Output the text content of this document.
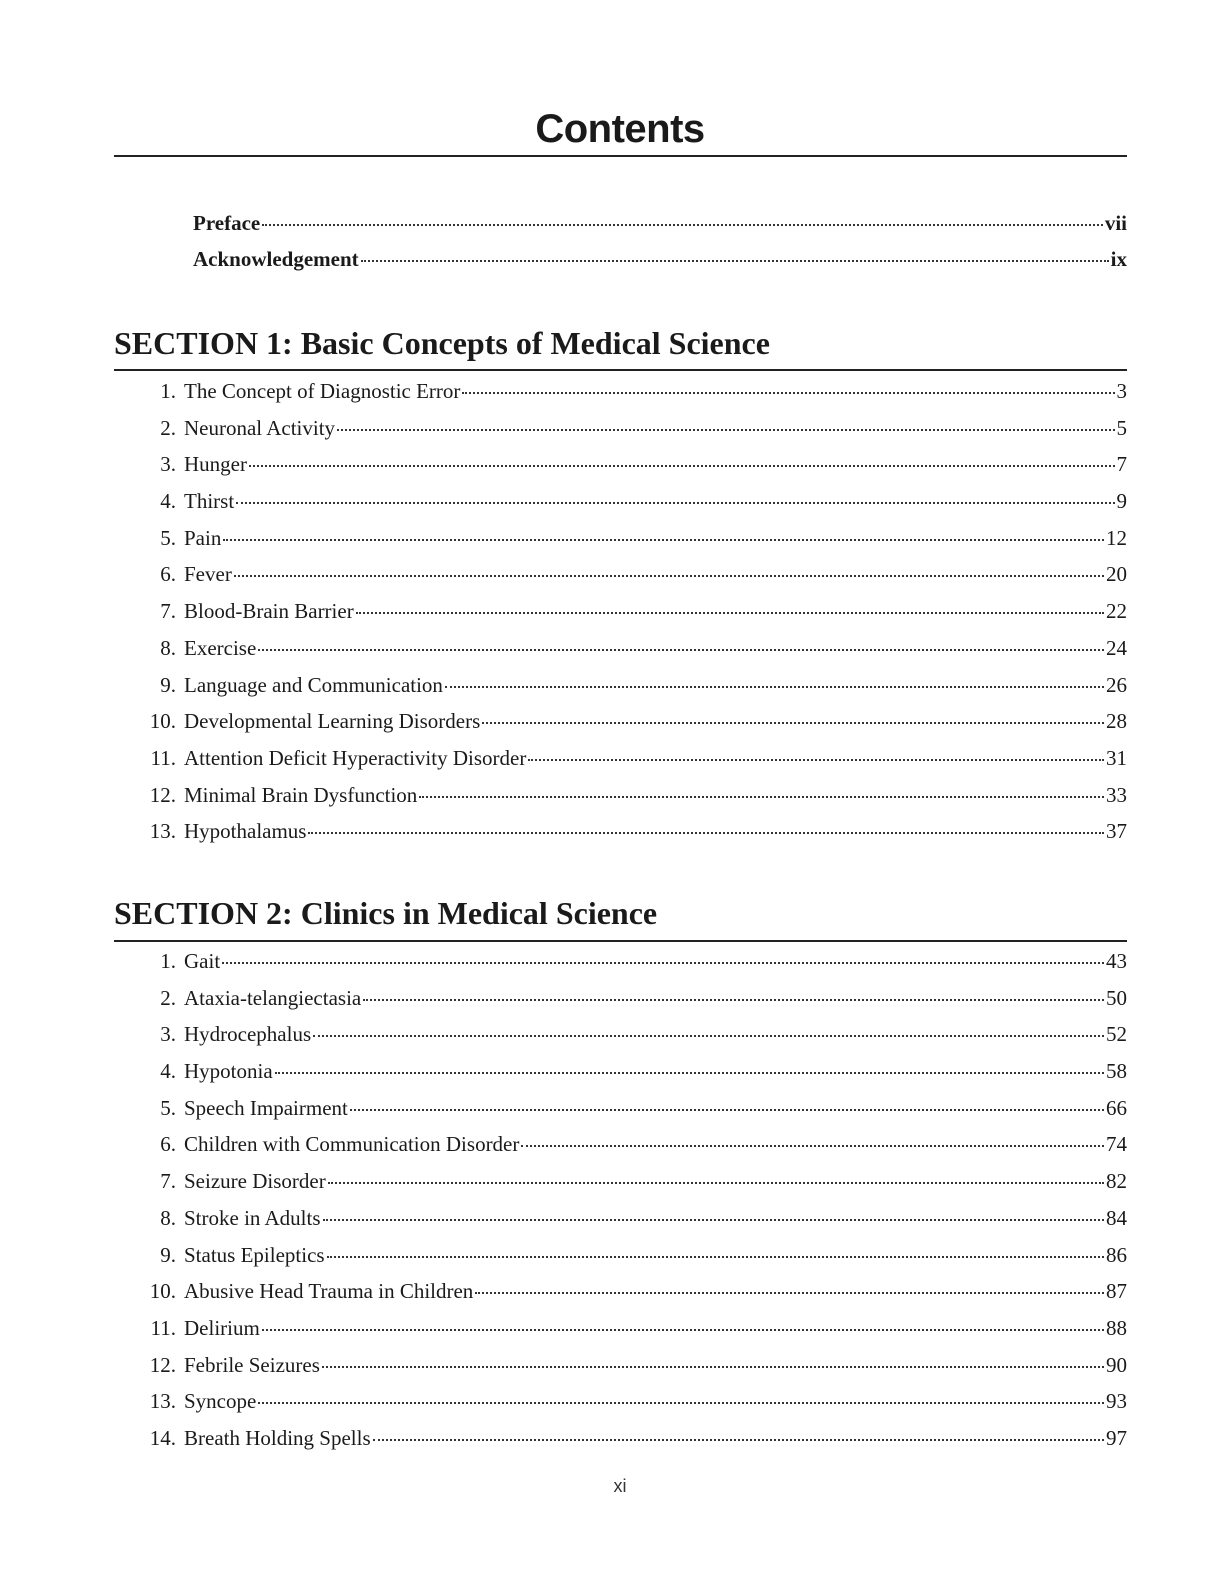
Contents
Preface	vii
Acknowledgement	ix
SECTION 1: Basic Concepts of Medical Science
1. The Concept of Diagnostic Error	3
2. Neuronal Activity	5
3. Hunger	7
4. Thirst	9
5. Pain	12
6. Fever	20
7. Blood-Brain Barrier	22
8. Exercise	24
9. Language and Communication	26
10. Developmental Learning Disorders	28
11. Attention Deficit Hyperactivity Disorder	31
12. Minimal Brain Dysfunction	33
13. Hypothalamus	37
SECTION 2: Clinics in Medical Science
1. Gait	43
2. Ataxia-telangiectasia	50
3. Hydrocephalus	52
4. Hypotonia	58
5. Speech Impairment	66
6. Children with Communication Disorder	74
7. Seizure Disorder	82
8. Stroke in Adults	84
9. Status Epileptics	86
10. Abusive Head Trauma in Children	87
11. Delirium	88
12. Febrile Seizures	90
13. Syncope	93
14. Breath Holding Spells	97
xi
